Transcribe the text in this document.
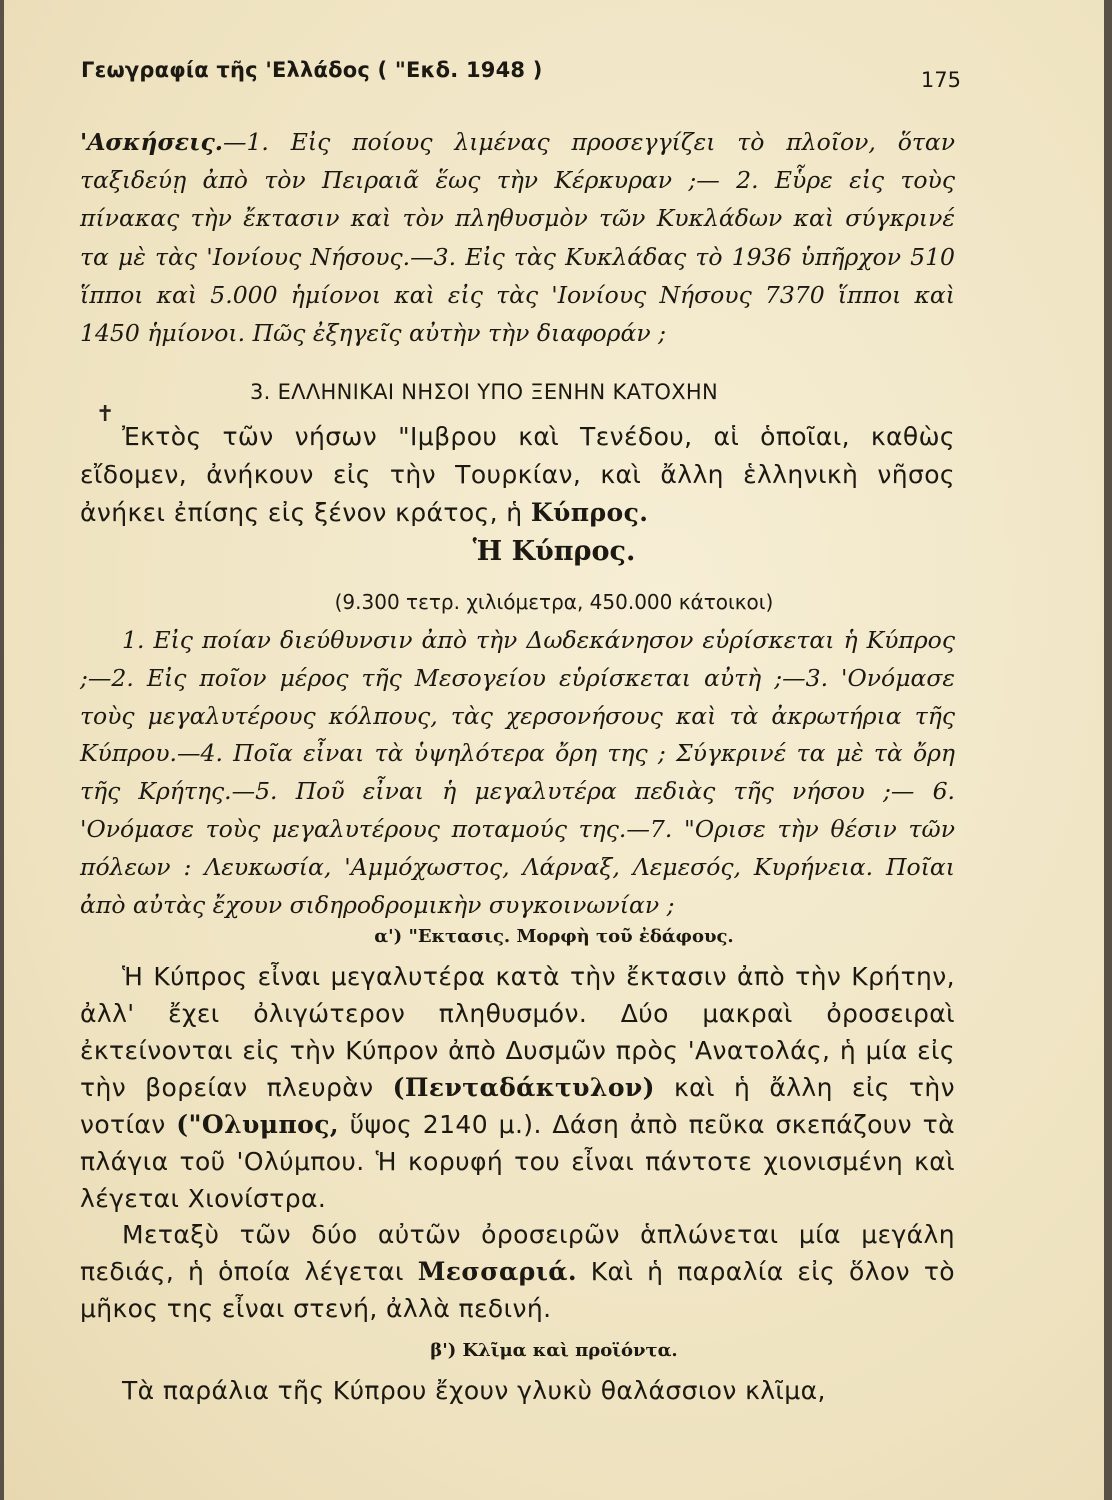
Γεωγραφία τῆς 'Ελλάδος ( "Εκδ. 1948 )	175
'Ασκήσεις.—1. Εἰς ποίους λιμένας προσεγγίζει τὸ πλοῖον, ὅταν ταξιδεύῃ ἀπὸ τὸν Πειραιᾶ ἕως τὴν Κέρκυραν ;— 2. Εὗρε εἰς τοὺς πίνακας τὴν ἔκτασιν καὶ τὸν πληθυσμὸν τῶν Κυκλάδων καὶ σύγκρινέ τα μὲ τὰς 'Ιονίους Νήσους.—3. Εἰς τὰς Κυκλάδας τὸ 1936 ὑπῆρχον 510 ἵπποι καὶ 5.000 ἡμίονοι καὶ εἰς τὰς 'Ιονίους Νήσους 7370 ἵπποι καὶ 1450 ἡμίονοι. Πῶς ἐξηγεῖς αὐτὴν τὴν διαφοράν ;
3. ΕΛΛΗΝΙΚΑΙ ΝΗΣΟΙ ΥΠΟ ΞΕΝΗΝ ΚΑΤΟΧΗΝ
✝
Ἐκτὸς τῶν νήσων "Ιμβρου καὶ Τενέδου, αἱ ὁποῖαι, καθὼς εἴδομεν, ἀνήκουν εἰς τὴν Τουρκίαν, καὶ ἄλλη ἑλληνικὴ νῆσος ἀνήκει ἐπίσης εἰς ξένον κράτος, ἡ Κύπρος.
Ἡ Κύπρος.
(9.300 τετρ. χιλιόμετρα, 450.000 κάτοικοι)
1. Εἰς ποίαν διεύθυνσιν ἀπὸ τὴν Δωδεκάνησον εὑρίσκεται ἡ Κύπρος ;—2. Εἰς ποῖον μέρος τῆς Μεσογείου εὑρίσκεται αὐτὴ ;—3. 'Ονόμασε τοὺς μεγαλυτέρους κόλπους, τὰς χερσονήσους καὶ τὰ ἀκρωτήρια τῆς Κύπρου.—4. Ποῖα εἶναι τὰ ὑψηλότερα ὄρη της ; Σύγκρινέ τα μὲ τὰ ὄρη τῆς Κρήτης.—5. Ποῦ εἶναι ἡ μεγαλυτέρα πεδιὰς τῆς νήσου ;— 6. 'Ονόμασε τοὺς μεγαλυτέρους ποταμούς της.—7. "Ορισε τὴν θέσιν τῶν πόλεων : Λευκωσία, 'Αμμόχωστος, Λάρναξ, Λεμεσός, Κυρήνεια. Ποῖαι ἀπὸ αὐτὰς ἔχουν σιδηροδρομικὴν συγκοινωνίαν ;
α') "Εκτασις. Μορφὴ τοῦ ἐδάφους.
Ἡ Κύπρος εἶναι μεγαλυτέρα κατὰ τὴν ἔκτασιν ἀπὸ τὴν Κρήτην, ἀλλ' ἔχει ὀλιγώτερον πληθυσμόν. Δύο μακραὶ ὀροσειραὶ ἐκτείνονται εἰς τὴν Κύπρον ἀπὸ Δυσμῶν πρὸς 'Ανατολάς, ἡ μία εἰς τὴν βορείαν πλευρὰν (Πενταδάκτυλον) καὶ ἡ ἄλλη εἰς τὴν νοτίαν ("Ολυμπος, ὕψος 2140 μ.). Δάση ἀπὸ πεῦκα σκεπάζουν τὰ πλάγια τοῦ 'Ολύμπου. Ἡ κορυφή του εἶναι πάντοτε χιονισμένη καὶ λέγεται Χιονίστρα.
Μεταξὺ τῶν δύο αὐτῶν ὀροσειρῶν ἁπλώνεται μία μεγάλη πεδιάς, ἡ ὁποία λέγεται Μεσσαριά. Καὶ ἡ παραλία εἰς ὅλον τὸ μῆκος της εἶναι στενή, ἀλλὰ πεδινή.
β') Κλῖμα καὶ προϊόντα.
Τὰ παράλια τῆς Κύπρου ἔχουν γλυκὺ θαλάσσιον κλῖμα,
